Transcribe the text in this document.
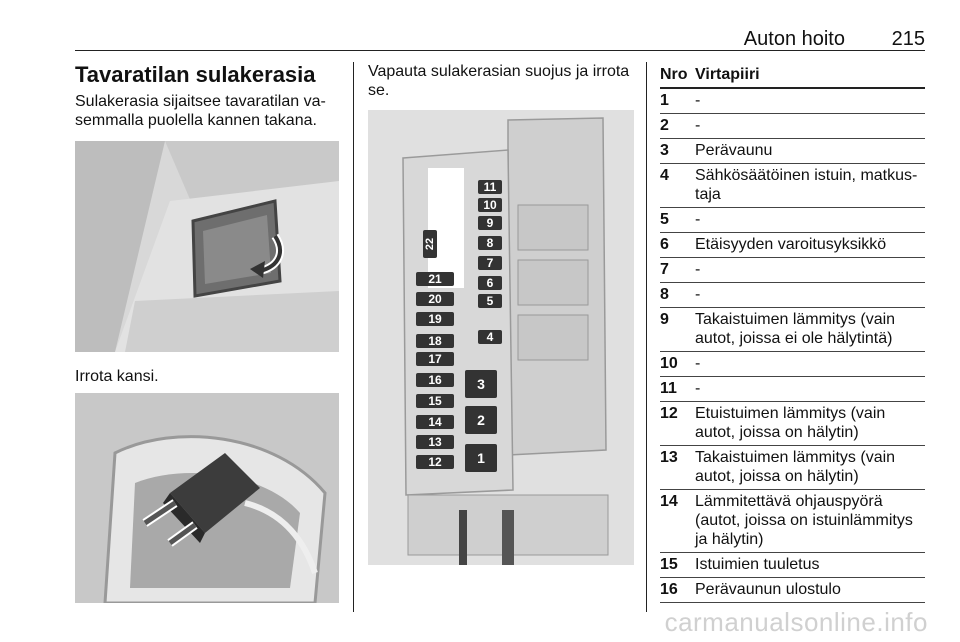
Auton hoito 215
Tavaratilan sulakerasia

Sulakerasia sijaitsee tavaratilan va-semmalla puolella kannen takana.

Irrota kansi.
Vapauta sulakerasian suojus ja irrota se.
11
10
9
8
7
6
5
4
3
2
1
22
21
20
19
18
17
16
15
14
13
12
Nro Virtapiiri
1	-
2	-
3	Perävaunu
4	Sähkösäätöinen istuin, matkus-taja
5	-
6	Etäisyyden varoitusyksikkö
7	-
8	-
9	Takaistuimen lämmitys (vain autot, joissa ei ole hälytintä)
10	-
11	-
12	Etuistuimen lämmitys (vain autot, joissa on hälytin)
13	Takaistuimen lämmitys (vain autot, joissa on hälytin)
14	Lämmitettävä ohjauspyörä (autot, joissa on istuinlämmitys ja hälytin)
15	Istuimien tuuletus
16	Perävaunun ulostulo
carmanualsonline.info
